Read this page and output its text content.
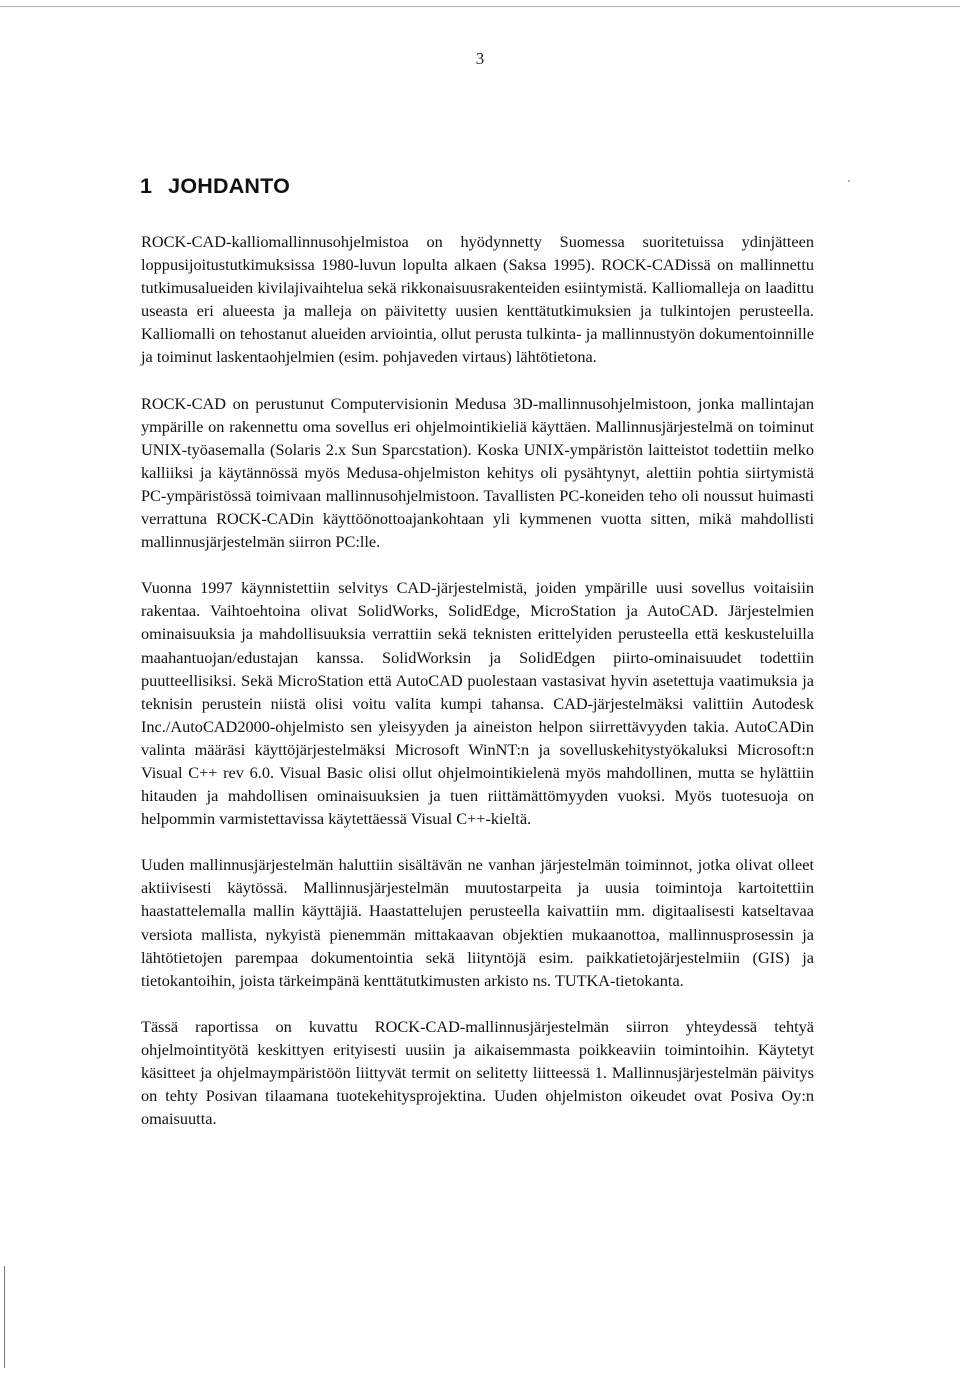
3
1 JOHDANTO

ROCK-CAD-kalliomallinnusohjelmistoa on hyödynnetty Suomessa suoritetuissa ydinjätteen loppusijoitustutkimuksissa 1980-luvun lopulta alkaen (Saksa 1995). ROCK-CADissä on mallinnettu tutkimusalueiden kivilajivaihtelua sekä rikkonaisuusrakenteiden esiintymistä. Kalliomalleja on laadittu useasta eri alueesta ja malleja on päivitetty uusien kenttätutkimuksien ja tulkintojen perusteella. Kalliomalli on tehostanut alueiden arviointia, ollut perusta tulkinta- ja mallinnustyön dokumentoinnille ja toiminut laskentaohjelmien (esim. pohjaveden virtaus) lähtötietona.

ROCK-CAD on perustunut Computervisionin Medusa 3D-mallinnusohjelmistoon, jonka mallintajan ympärille on rakennettu oma sovellus eri ohjelmointikieliä käyttäen. Mallinnusjärjestelmä on toiminut UNIX-työasemalla (Solaris 2.x Sun Sparcstation). Koska UNIX-ympäristön laitteistot todettiin melko kalliiksi ja käytännössä myös Medusa-ohjelmiston kehitys oli pysähtynyt, alettiin pohtia siirtymistä PC-ympäristössä toimivaan mallinnusohjelmistoon. Tavallisten PC-koneiden teho oli noussut huimasti verrattuna ROCK-CADin käyttöönottoajankohtaan yli kymmenen vuotta sitten, mikä mahdollisti mallinnusjärjestelmän siirron PC:lle.

Vuonna 1997 käynnistettiin selvitys CAD-järjestelmistä, joiden ympärille uusi sovellus voitaisiin rakentaa. Vaihtoehtoina olivat SolidWorks, SolidEdge, MicroStation ja AutoCAD. Järjestelmien ominaisuuksia ja mahdollisuuksia verrattiin sekä teknisten erittelyiden perusteella että keskusteluilla maahantuojan/edustajan kanssa. SolidWorksin ja SolidEdgen piirto-ominaisuudet todettiin puutteellisiksi. Sekä MicroStation että AutoCAD puolestaan vastasivat hyvin asetettuja vaatimuksia ja teknisin perustein niistä olisi voitu valita kumpi tahansa. CAD-järjestelmäksi valittiin Autodesk Inc./AutoCAD2000-ohjelmisto sen yleisyyden ja aineiston helpon siirrettävyyden takia. AutoCADin valinta määräsi käyttöjärjestelmäksi Microsoft WinNT:n ja sovelluskehitystyökaluksi Microsoft:n Visual C++ rev 6.0. Visual Basic olisi ollut ohjelmointikielenä myös mahdollinen, mutta se hylättiin hitauden ja mahdollisen ominaisuuksien ja tuen riittämättömyyden vuoksi. Myös tuotesuoja on helpommin varmistettavissa käytettäessä Visual C++-kieltä.

Uuden mallinnusjärjestelmän haluttiin sisältävän ne vanhan järjestelmän toiminnot, jotka olivat olleet aktiivisesti käytössä. Mallinnusjärjestelmän muutostarpeita ja uusia toimintoja kartoitettiin haastattelemalla mallin käyttäjiä. Haastattelujen perusteella kaivattiin mm. digitaalisesti katseltavaa versiota mallista, nykyistä pienemmän mittakaavan objektien mukaanottoa, mallinnusprosessin ja lähtötietojen parempaa dokumentointia sekä liityntöjä esim. paikkatietojärjestelmiin (GIS) ja tietokantoihin, joista tärkeimpänä kenttätutkimusten arkisto ns. TUTKA-tietokanta.

Tässä raportissa on kuvattu ROCK-CAD-mallinnusjärjestelmän siirron yhteydessä tehtyä ohjelmointityötä keskittyen erityisesti uusiin ja aikaisemmasta poikkeaviin toimintoihin. Käytetyt käsitteet ja ohjelmaympäristöön liittyvät termit on selitetty liitteessä 1. Mallinnusjärjestelmän päivitys on tehty Posivan tilaamana tuotekehitysprojektina. Uuden ohjelmiston oikeudet ovat Posiva Oy:n omaisuutta.
